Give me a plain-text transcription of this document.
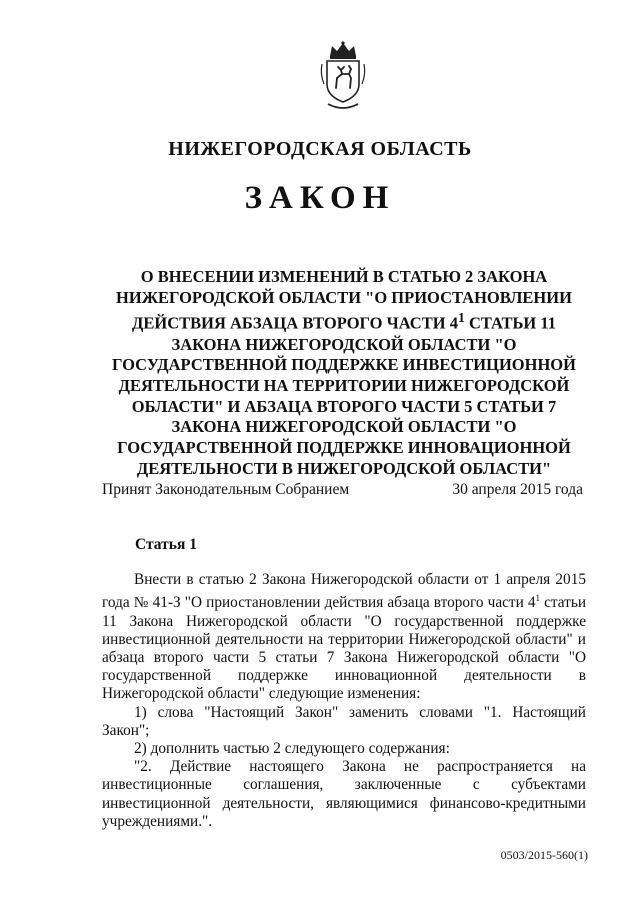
НИЖЕГОРОДСКАЯ ОБЛАСТЬ
ЗАКОН

О ВНЕСЕНИИ ИЗМЕНЕНИЙ В СТАТЬЮ 2 ЗАКОНА НИЖЕГОРОДСКОЙ ОБЛАСТИ "О ПРИОСТАНОВЛЕНИИ ДЕЙСТВИЯ АБЗАЦА ВТОРОГО ЧАСТИ $4^1$ СТАТЬИ 11 ЗАКОНА НИЖЕГОРОДСКОЙ ОБЛАСТИ "О ГОСУДАРСТВЕННОЙ ПОДДЕРЖКЕ ИНВЕСТИЦИОННОЙ ДЕЯТЕЛЬНОСТИ НА ТЕРРИТОРИИ НИЖЕГОРОДСКОЙ ОБЛАСТИ" И АБЗАЦА ВТОРОГО ЧАСТИ 5 СТАТЬИ 7 ЗАКОНА НИЖЕГОРОДСКОЙ ОБЛАСТИ "О ГОСУДАРСТВЕННОЙ ПОДДЕРЖКЕ ИННОВАЦИОННОЙ ДЕЯТЕЛЬНОСТИ В НИЖЕГОРОДСКОЙ ОБЛАСТИ"

Принят Законодательным Собранием	30 апреля 2015 года
Статья 1

Внести в статью 2 Закона Нижегородской области от 1 апреля 2015 года № 41-З "О приостановлении действия абзаца второго части $4^1$ статьи 11 Закона Нижегородской области "О государственной поддержке инвестиционной деятельности на территории Нижегородской области" и абзаца второго части 5 статьи 7 Закона Нижегородской области "О государственной поддержке инновационной деятельности в Нижегородской области" следующие изменения:

1) слова "Настоящий Закон" заменить словами "1. Настоящий Закон";

2) дополнить частью 2 следующего содержания:

"2. Действие настоящего Закона не распространяется на инвестиционные соглашения, заключенные с субъектами инвестиционной деятельности, являющимися финансово-кредитными учреждениями.".

0503/2015-560(1)
